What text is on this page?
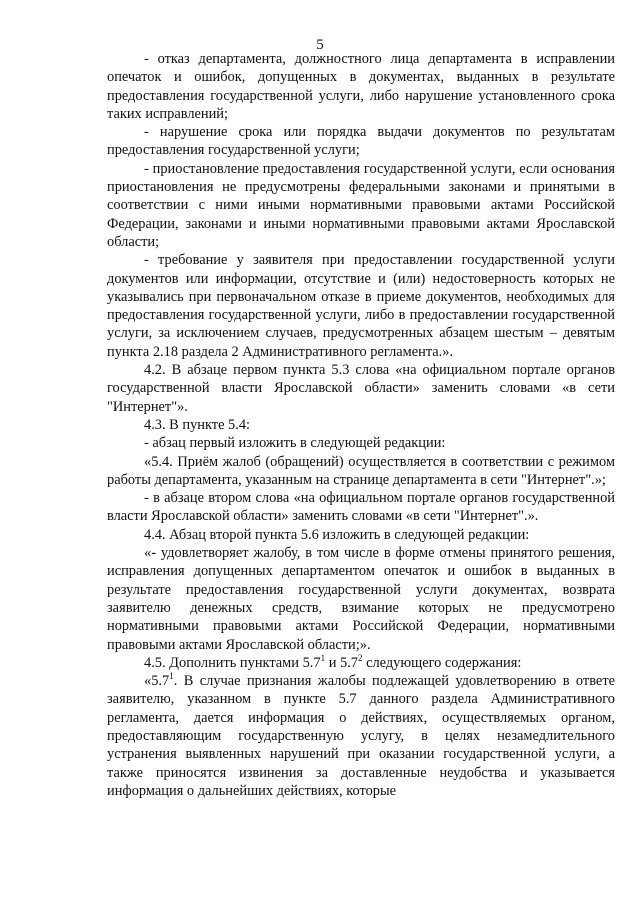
5

- отказ департамента, должностного лица департамента в исправлении опечаток и ошибок, допущенных в документах, выданных в результате предоставления государственной услуги, либо нарушение установленного срока таких исправлений;

- нарушение срока или порядка выдачи документов по результатам предоставления государственной услуги;

- приостановление предоставления государственной услуги, если основания приостановления не предусмотрены федеральными законами и принятыми в соответствии с ними иными нормативными правовыми актами Российской Федерации, законами и иными нормативными правовыми актами Ярославской области;

- требование у заявителя при предоставлении государственной услуги документов или информации, отсутствие и (или) недостоверность которых не указывались при первоначальном отказе в приеме документов, необходимых для предоставления государственной услуги, либо в предоставлении государственной услуги, за исключением случаев, предусмотренных абзацем шестым – девятым пункта 2.18 раздела 2 Административного регламента.».

4.2. В абзаце первом пункта 5.3 слова «на официальном портале органов государственной власти Ярославской области» заменить словами «в сети "Интернет"».

4.3. В пункте 5.4:

- абзац первый изложить в следующей редакции:

«5.4. Приём жалоб (обращений) осуществляется в соответствии с режимом работы департамента, указанным на странице департамента в сети "Интернет".»;

- в абзаце втором слова «на официальном портале органов государственной власти Ярославской области» заменить словами «в сети "Интернет".».

4.4. Абзац второй пункта 5.6 изложить в следующей редакции:

«- удовлетворяет жалобу, в том числе в форме отмены принятого решения, исправления допущенных департаментом опечаток и ошибок в выданных в результате предоставления государственной услуги документах, возврата заявителю денежных средств, взимание которых не предусмотрено нормативными правовыми актами Российской Федерации, нормативными правовыми актами Ярославской области;».

4.5. Дополнить пунктами $5.7^1$ и $5.7^2$ следующего содержания:

«$5.7^1$. В случае признания жалобы подлежащей удовлетворению в ответе заявителю, указанном в пункте 5.7 данного раздела Административного регламента, дается информация о действиях, осуществляемых органом, предоставляющим государственную услугу, в целях незамедлительного устранения выявленных нарушений при оказании государственной услуги, а также приносятся извинения за доставленные неудобства и указывается информация о дальнейших действиях, которые
